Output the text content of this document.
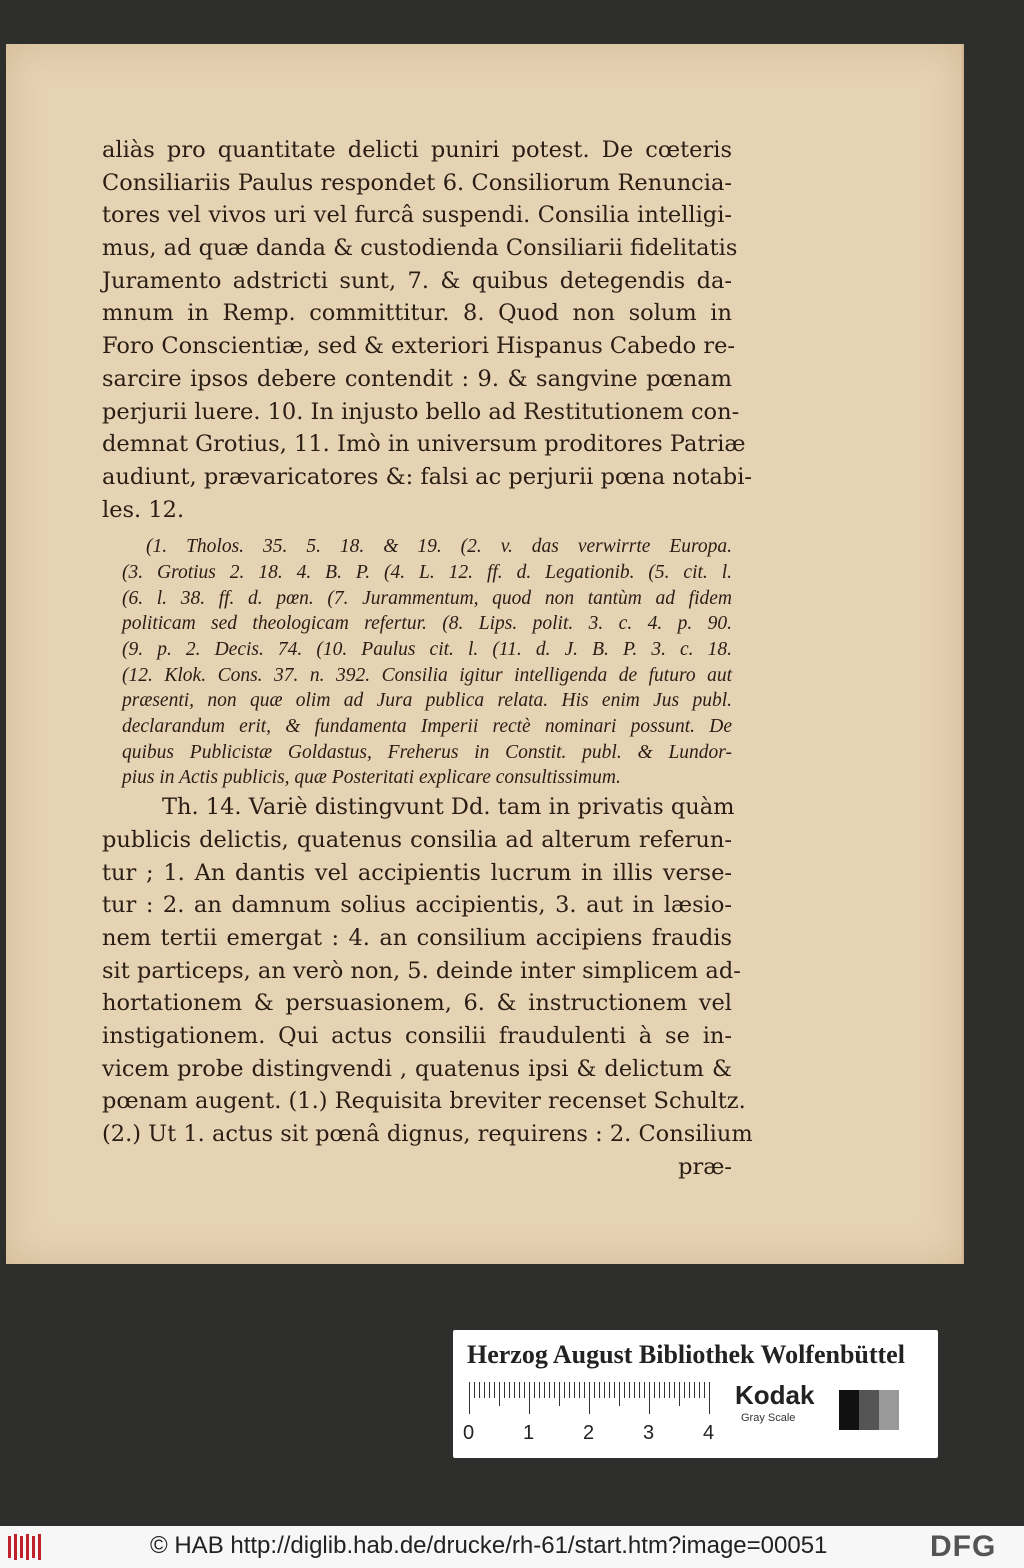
aliàs pro quantitate delicti puniri potest. De cœteris
Consiliariis Paulus respondet 6. Consiliorum Renuncia-
tores vel vivos uri vel furcâ suspendi. Consilia intelligi-
mus, ad quæ danda & custodienda Consiliarii fidelitatis
Juramento adstricti sunt, 7. & quibus detegendis da-
mnum in Remp. committitur. 8. Quod non solum in
Foro Conscientiæ, sed & exteriori Hispanus Cabedo re-
sarcire ipsos debere contendit : 9. & sangvine pœnam
perjurii luere. 10. In injusto bello ad Restitutionem con-
demnat Grotius, 11. Imò in universum proditores Patriæ
audiunt, prævaricatores &: falsi ac perjurii pœna notabi-
les. 12.
(1. Tholos. 35. 5. 18. & 19. (2. v. das verwirrte Europa.
(3. Grotius 2. 18. 4. B. P. (4. L. 12. ff. d. Legationib. (5. cit. l.
(6. l. 38. ff. d. pœn. (7. Jurammentum, quod non tantùm ad fidem
politicam sed theologicam refertur. (8. Lips. polit. 3. c. 4. p. 90.
(9. p. 2. Decis. 74. (10. Paulus cit. l. (11. d. J. B. P. 3. c. 18.
(12. Klok. Cons. 37. n. 392. Consilia igitur intelligenda de futuro aut
præsenti, non quæ olim ad Jura publica relata. His enim Jus publ.
declarandum erit, & fundamenta Imperii rectè nominari possunt. De
quibus Publicistæ Goldastus, Freherus in Constit. publ. & Lundor-
pius in Actis publicis, quæ Posteritati explicare consultissimum.
Th. 14. Variè distingvunt Dd. tam in privatis quàm
publicis delictis, quatenus consilia ad alterum referun-
tur ; 1. An dantis vel accipientis lucrum in illis verse-
tur : 2. an damnum solius accipientis, 3. aut in læsio-
nem tertii emergat : 4. an consilium accipiens fraudis
sit particeps, an verò non, 5. deinde inter simplicem ad-
hortationem & persuasionem, 6. & instructionem vel
instigationem. Qui actus consilii fraudulenti à se in-
vicem probe distingvendi , quatenus ipsi & delictum &
pœnam augent. (1.) Requisita breviter recenset Schultz.
(2.) Ut 1. actus sit pœnâ dignus, requirens : 2. Consilium
præ-
Herzog August Bibliothek Wolfenbüttel
0 1 2 3 4
Kodak
Gray Scale
© HAB http://diglib.hab.de/drucke/rh-61/start.htm?image=00051	DFG
